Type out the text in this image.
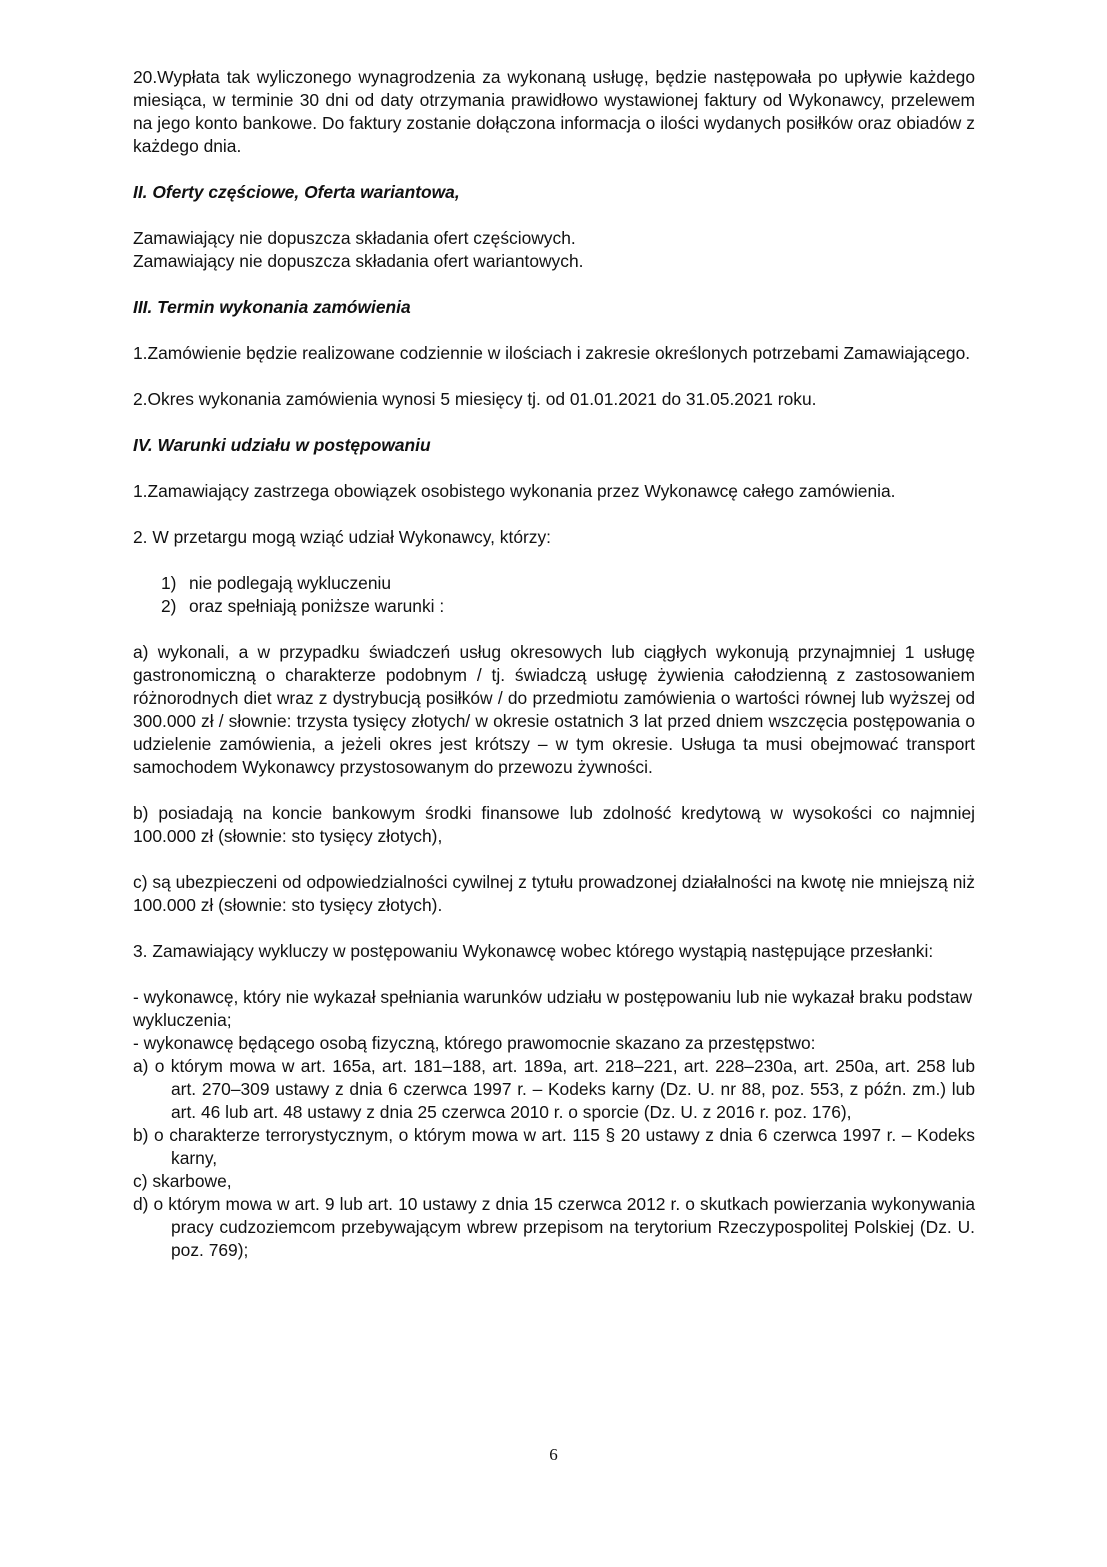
20.Wypłata tak wyliczonego wynagrodzenia za wykonaną usługę, będzie następowała po upływie każdego miesiąca, w terminie 30 dni od daty otrzymania prawidłowo wystawionej faktury od Wykonawcy, przelewem na jego konto bankowe. Do faktury zostanie dołączona informacja o ilości wydanych posiłków oraz obiadów z każdego dnia.

II. Oferty częściowe, Oferta wariantowa,

Zamawiający nie dopuszcza składania ofert częściowych.

Zamawiający nie dopuszcza składania ofert wariantowych.

III. Termin wykonania zamówienia

1.Zamówienie będzie realizowane codziennie w ilościach i zakresie określonych potrzebami Zamawiającego.

2.Okres wykonania zamówienia wynosi 5 miesięcy tj. od 01.01.2021 do 31.05.2021 roku.

IV. Warunki udziału w postępowaniu

1.Zamawiający zastrzega obowiązek osobistego wykonania przez Wykonawcę całego zamówienia.

2. W przetargu mogą wziąć udział Wykonawcy, którzy:

1) nie podlegają wykluczeniu
2) oraz spełniają poniższe warunki :

a) wykonali, a w przypadku świadczeń usług okresowych lub ciągłych wykonują przynajmniej 1 usługę gastronomiczną o charakterze podobnym / tj. świadczą usługę żywienia całodzienną z zastosowaniem różnorodnych diet wraz z dystrybucją posiłków / do przedmiotu zamówienia o wartości równej lub wyższej od 300.000 zł / słownie: trzysta tysięcy złotych/ w okresie ostatnich 3 lat przed dniem wszczęcia postępowania o udzielenie zamówienia, a jeżeli okres jest krótszy – w tym okresie. Usługa ta musi obejmować transport samochodem Wykonawcy przystosowanym do przewozu żywności.

b) posiadają na koncie bankowym środki finansowe lub zdolność kredytową w wysokości co najmniej 100.000 zł (słownie: sto tysięcy złotych),

c) są ubezpieczeni od odpowiedzialności cywilnej z tytułu prowadzonej działalności na kwotę nie mniejszą niż 100.000 zł (słownie: sto tysięcy złotych).

3. Zamawiający wykluczy w postępowaniu Wykonawcę wobec którego wystąpią następujące przesłanki:

- wykonawcę, który nie wykazał spełniania warunków udziału w postępowaniu lub nie wykazał braku podstaw wykluczenia;

- wykonawcę będącego osobą fizyczną, którego prawomocnie skazano za przestępstwo:

a) o którym mowa w art. 165a, art. 181–188, art. 189a, art. 218–221, art. 228–230a, art. 250a, art. 258 lub art. 270–309 ustawy z dnia 6 czerwca 1997 r. – Kodeks karny (Dz. U. nr 88, poz. 553, z późn. zm.) lub art. 46 lub art. 48 ustawy z dnia 25 czerwca 2010 r. o sporcie (Dz. U. z 2016 r. poz. 176),

b) o charakterze terrorystycznym, o którym mowa w art. 115 § 20 ustawy z dnia 6 czerwca 1997 r. – Kodeks karny,

c) skarbowe,

d) o którym mowa w art. 9 lub art. 10 ustawy z dnia 15 czerwca 2012 r. o skutkach powierzania wykonywania pracy cudzoziemcom przebywającym wbrew przepisom na terytorium Rzeczypospolitej Polskiej (Dz. U. poz. 769);

6
